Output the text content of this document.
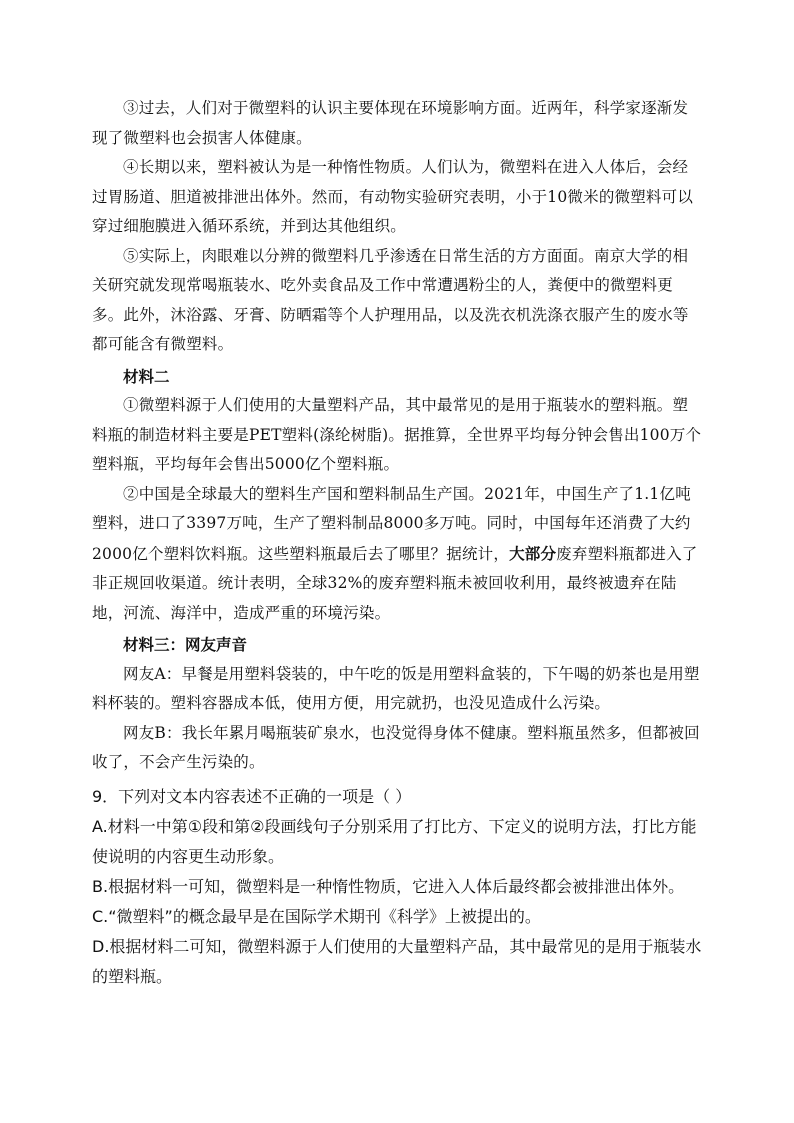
③过去，人们对于微塑料的认识主要体现在环境影响方面。近两年，科学家逐渐发现了微塑料也会损害人体健康。

④长期以来，塑料被认为是一种惰性物质。人们认为，微塑料在进入人体后，会经过胃肠道、胆道被排泄出体外。然而，有动物实验研究表明，小于10微米的微塑料可以穿过细胞膜进入循环系统，并到达其他组织。

⑤实际上，肉眼难以分辨的微塑料几乎渗透在日常生活的方方面面。南京大学的相关研究就发现常喝瓶装水、吃外卖食品及工作中常遭遇粉尘的人，粪便中的微塑料更多。此外，沐浴露、牙膏、防晒霜等个人护理用品，以及洗衣机洗涤衣服产生的废水等都可能含有微塑料。

材料二

①微塑料源于人们使用的大量塑料产品，其中最常见的是用于瓶装水的塑料瓶。塑料瓶的制造材料主要是PET塑料(涤纶树脂)。据推算，全世界平均每分钟会售出100万个塑料瓶，平均每年会售出5000亿个塑料瓶。

②中国是全球最大的塑料生产国和塑料制品生产国。2021年，中国生产了1.1亿吨塑料，进口了3397万吨，生产了塑料制品8000多万吨。同时，中国每年还消费了大约2000亿个塑料饮料瓶。这些塑料瓶最后去了哪里？据统计，大部分废弃塑料瓶都进入了非正规回收渠道。统计表明，全球32%的废弃塑料瓶未被回收利用，最终被遗弃在陆地，河流、海洋中，造成严重的环境污染。

材料三：网友声音

网友A：早餐是用塑料袋装的，中午吃的饭是用塑料盒装的，下午喝的奶茶也是用塑料杯装的。塑料容器成本低，使用方便，用完就扔，也没见造成什么污染。

网友B：我长年累月喝瓶装矿泉水，也没觉得身体不健康。塑料瓶虽然多，但都被回收了，不会产生污染的。

9．下列对文本内容表述不正确的一项是（ ）

A.材料一中第①段和第②段画线句子分别采用了打比方、下定义的说明方法，打比方能使说明的内容更生动形象。

B.根据材料一可知，微塑料是一种惰性物质，它进入人体后最终都会被排泄出体外。

C.“微塑料”的概念最早是在国际学术期刊《科学》上被提出的。

D.根据材料二可知，微塑料源于人们使用的大量塑料产品，其中最常见的是用于瓶装水的塑料瓶。
